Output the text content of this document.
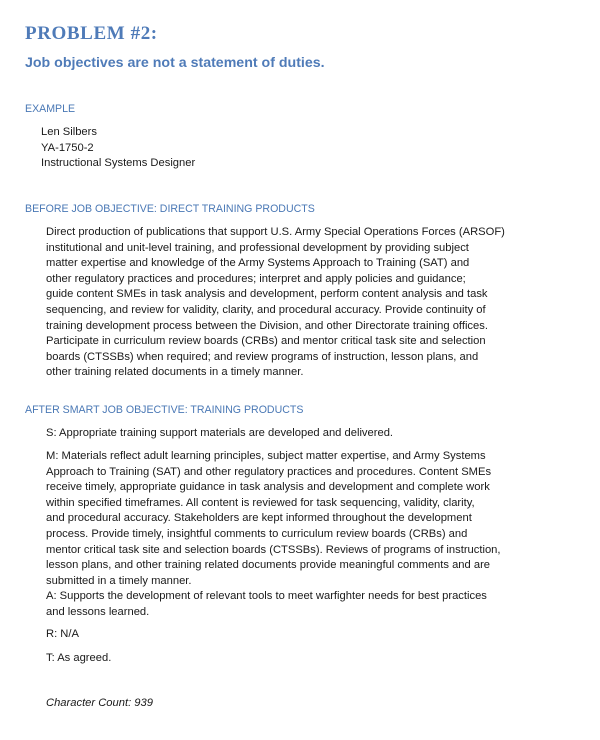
PROBLEM #2:
Job objectives are not a statement of duties.

EXAMPLE

Len Silbers
YA-1750-2
Instructional Systems Designer

BEFORE JOB OBJECTIVE: DIRECT TRAINING PRODUCTS

Direct production of publications that support U.S. Army Special Operations Forces (ARSOF)
institutional and unit-level training, and professional development by providing subject
matter expertise and knowledge of the Army Systems Approach to Training (SAT) and
other regulatory practices and procedures; interpret and apply policies and guidance;
guide content SMEs in task analysis and development, perform content analysis and task
sequencing, and review for validity, clarity, and procedural accuracy. Provide continuity of
training development process between the Division, and other Directorate training offices.
Participate in curriculum review boards (CRBs) and mentor critical task site and selection
boards (CTSSBs) when required; and review programs of instruction, lesson plans, and
other training related documents in a timely manner.

AFTER SMART JOB OBJECTIVE: TRAINING PRODUCTS

S: Appropriate training support materials are developed and delivered.
M: Materials reflect adult learning principles, subject matter expertise, and Army Systems
Approach to Training (SAT) and other regulatory practices and procedures. Content SMEs
receive timely, appropriate guidance in task analysis and development and complete work
within specified timeframes. All content is reviewed for task sequencing, validity, clarity,
and procedural accuracy. Stakeholders are kept informed throughout the development
process. Provide timely, insightful comments to curriculum review boards (CRBs) and
mentor critical task site and selection boards (CTSSBs). Reviews of programs of instruction,
lesson plans, and other training related documents provide meaningful comments and are
submitted in a timely manner.
A: Supports the development of relevant tools to meet warfighter needs for best practices
and lessons learned.
R: N/A
T: As agreed.

Character Count: 939
